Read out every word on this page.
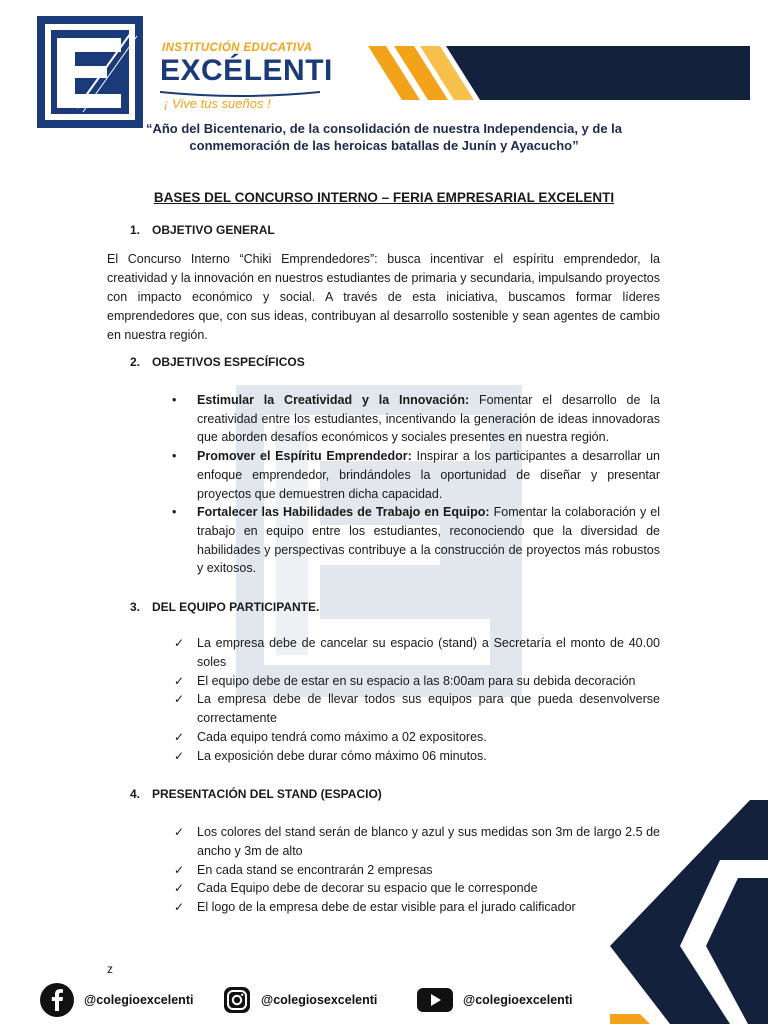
INSTITUCIÓN EDUCATIVA
EXCÉLENTI
¡ Vive tus sueños !
“Año del Bicentenario, de la consolidación de nuestra Independencia, y de la
conmemoración de las heroicas batallas de Junín y Ayacucho”
BASES DEL CONCURSO INTERNO – FERIA EMPRESARIAL EXCELENTI
1. OBJETIVO GENERAL
El Concurso Interno “Chiki Emprendedores”: busca incentivar el espíritu emprendedor, la creatividad y la innovación en nuestros estudiantes de primaria y secundaria, impulsando proyectos con impacto económico y social. A través de esta iniciativa, buscamos formar líderes emprendedores que, con sus ideas, contribuyan al desarrollo sostenible y sean agentes de cambio en nuestra región.
2. OBJETIVOS ESPECÍFICOS
• Estimular la Creatividad y la Innovación: Fomentar el desarrollo de la creatividad entre los estudiantes, incentivando la generación de ideas innovadoras que aborden desafíos económicos y sociales presentes en nuestra región.
• Promover el Espíritu Emprendedor: Inspirar a los participantes a desarrollar un enfoque emprendedor, brindándoles la oportunidad de diseñar y presentar proyectos que demuestren dicha capacidad.
• Fortalecer las Habilidades de Trabajo en Equipo: Fomentar la colaboración y el trabajo en equipo entre los estudiantes, reconociendo que la diversidad de habilidades y perspectivas contribuye a la construcción de proyectos más robustos y exitosos.
3. DEL EQUIPO PARTICIPANTE.
✓ La empresa debe de cancelar su espacio (stand) a Secretaría el monto de 40.00 soles
✓ El equipo debe de estar en su espacio a las 8:00am para su debida decoración
✓ La empresa debe de llevar todos sus equipos para que pueda desenvolverse correctamente
✓ Cada equipo tendrá como máximo a 02 expositores.
✓ La exposición debe durar cómo máximo 06 minutos.
4. PRESENTACIÓN DEL STAND (ESPACIO)
✓ Los colores del stand serán de blanco y azul y sus medidas son 3m de largo 2.5 de ancho y 3m de alto
✓ En cada stand se encontrarán 2 empresas
✓ Cada Equipo debe de decorar su espacio que le corresponde
✓ El logo de la empresa debe de estar visible para el jurado calificador
z
@colegioexcelenti	@colegiosexcelenti	@colegioexcelenti
